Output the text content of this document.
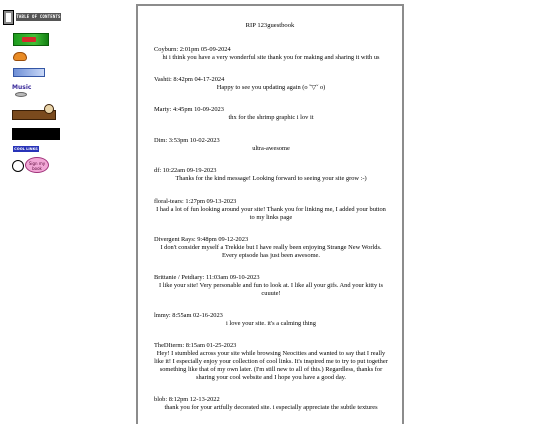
TABLE OF CONTENTS
Music
COOL LINKS
Sign my book
RIP 123guestbook
Coyburn: 2:01pm 05-09-2024
hi i think you have a very wonderful site thank you for making and sharing it with us
Vashti: 8:42pm 04-17-2024
Happy to see you updating again (o ˘▽˘ o)
Marty: 4:45pm 10-09-2023
thx for the shrimp graphic i lov it
Dim: 3:53pm 10-02-2023
ultra-awesome
df: 10:22am 09-19-2023
Thanks for the kind message! Looking forward to seeing your site grow :-)
floral-tears: 1:27pm 09-13-2023
I had a lot of fun looking around your site! Thank you for linking me, I added your button to my links page
Divergent Rays: 9:48pm 09-12-2023
I don't consider myself a Trekkie but I have really been enjoying Strange New Worlds. Every episode has just been awesome.
Brittanie / Petdiary: 11:03am 09-10-2023
I like your site! Very personable and fun to look at. I like all your gifs. And your kitty is cuuute!
lmmy: 8:55am 02-16-2023
i love your site. it's a calming thing
TheDIterm: 8:15am 01-25-2023
Hey! I stumbled across your site while browsing Neocities and wanted to say that I really like it! I especially enjoy your collection of cool links. It's inspired me to try to put together something like that of my own later. (I'm still new to all of this.) Regardless, thanks for sharing your cool website and I hope you have a good day.
blob: 8:12pm 12-13-2022
thank you for your artfully decorated site. i especially appreciate the subtle textures
